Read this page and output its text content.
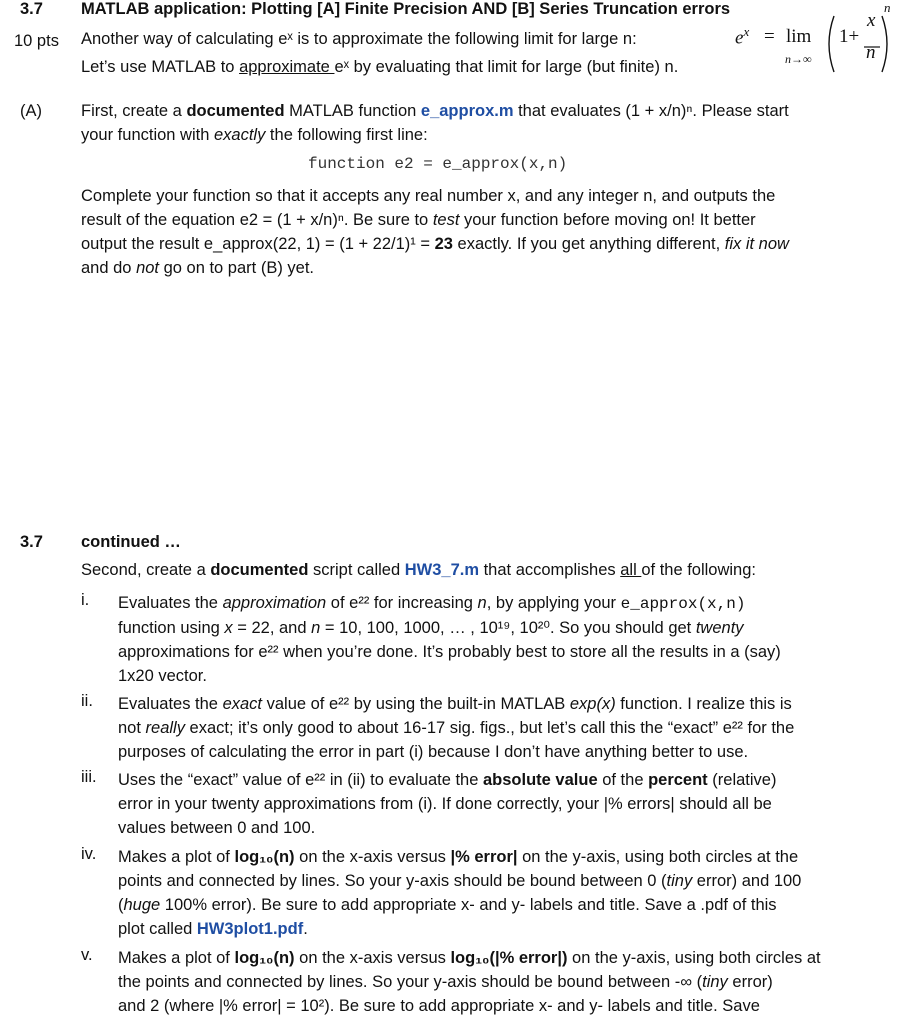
3.7 MATLAB application: Plotting [A] Finite Precision AND [B] Series Truncation errors
10 pts Another way of calculating eˣ is to approximate the following limit for large n:
Let’s use MATLAB to approximate eˣ by evaluating that limit for large (but finite) n.
$e^x = \lim$
n→∞
1+
x
n
n
(A) First, create a documented MATLAB function e_approx.m that evaluates (1 + x/n)ⁿ. Please start
your function with exactly the following first line:
function e2 = e_approx(x,n)
Complete your function so that it accepts any real number x, and any integer n, and outputs the
result of the equation e2 = (1 + x/n)ⁿ. Be sure to test your function before moving on! It better
output the result e_approx(22, 1) = (1 + 22/1)¹ = 23 exactly. If you get anything different, fix it now
and do not go on to part (B) yet.
3.7 continued …
Second, create a documented script called HW3_7.m that accomplishes all of the following:
i. Evaluates the approximation of e²² for increasing n, by applying your e_approx(x,n)
function using x = 22, and n = 10, 100, 1000, … , 10¹⁹, 10²⁰. So you should get twenty
approximations for e²² when you’re done. It’s probably best to store all the results in a (say)
1x20 vector.
ii. Evaluates the exact value of e²² by using the built-in MATLAB exp(x) function. I realize this is
not really exact; it’s only good to about 16-17 sig. figs., but let’s call this the “exact” e²² for the
purposes of calculating the error in part (i) because I don’t have anything better to use.
iii. Uses the “exact” value of e²² in (ii) to evaluate the absolute value of the percent (relative)
error in your twenty approximations from (i). If done correctly, your |% errors| should all be
values between 0 and 100.
iv. Makes a plot of log₁₀(n) on the x-axis versus |% error| on the y-axis, using both circles at the
points and connected by lines. So your y-axis should be bound between 0 (tiny error) and 100
(huge 100% error). Be sure to add appropriate x- and y- labels and title. Save a .pdf of this
plot called HW3plot1.pdf.
v. Makes a plot of log₁₀(n) on the x-axis versus log₁₀(|% error|) on the y-axis, using both circles at
the points and connected by lines. So your y-axis should be bound between -∞ (tiny error)
and 2 (where |% error| = 10²). Be sure to add appropriate x- and y- labels and title. Save
